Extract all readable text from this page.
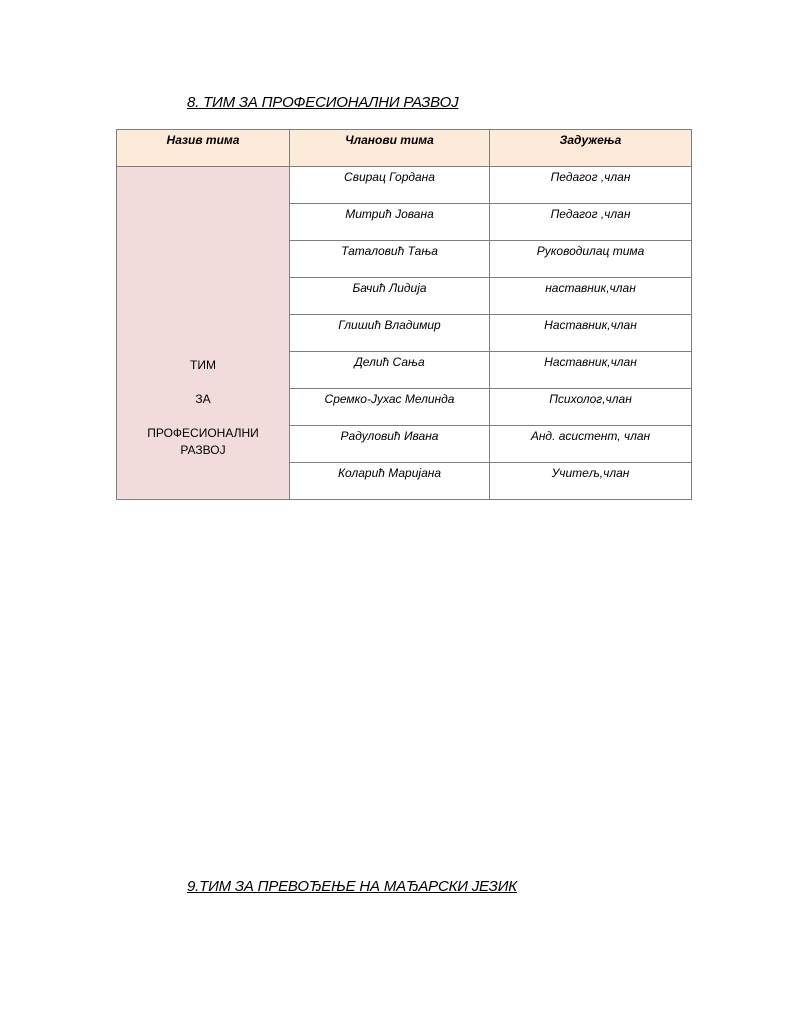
8. ТИМ ЗА ПРОФЕСИОНАЛНИ РАЗВОЈ
Назив тима	Чланови тима	Задужења

ТИМ
ЗА
ПРОФЕСИОНАЛНИ
РАЗВОЈ	Свирац Гордана	Педагог ,члан
	Митрић Јована	Педагог ,члан
	Таталовић Тања	Руководилац тима
	Бачић Лидија	наставник,члан
	Глишић Владимир	Наставник,члан
	Делић Сања	Наставник,члан
	Сремко-Јухас Мелинда	Психолог,члан
	Радуловић Ивана	Анд. асистент, члан
	Коларић Маријана	Учитељ,члан
9.ТИМ ЗА ПРЕВОЂЕЊЕ НА МАЂАРСКИ ЈЕЗИК
